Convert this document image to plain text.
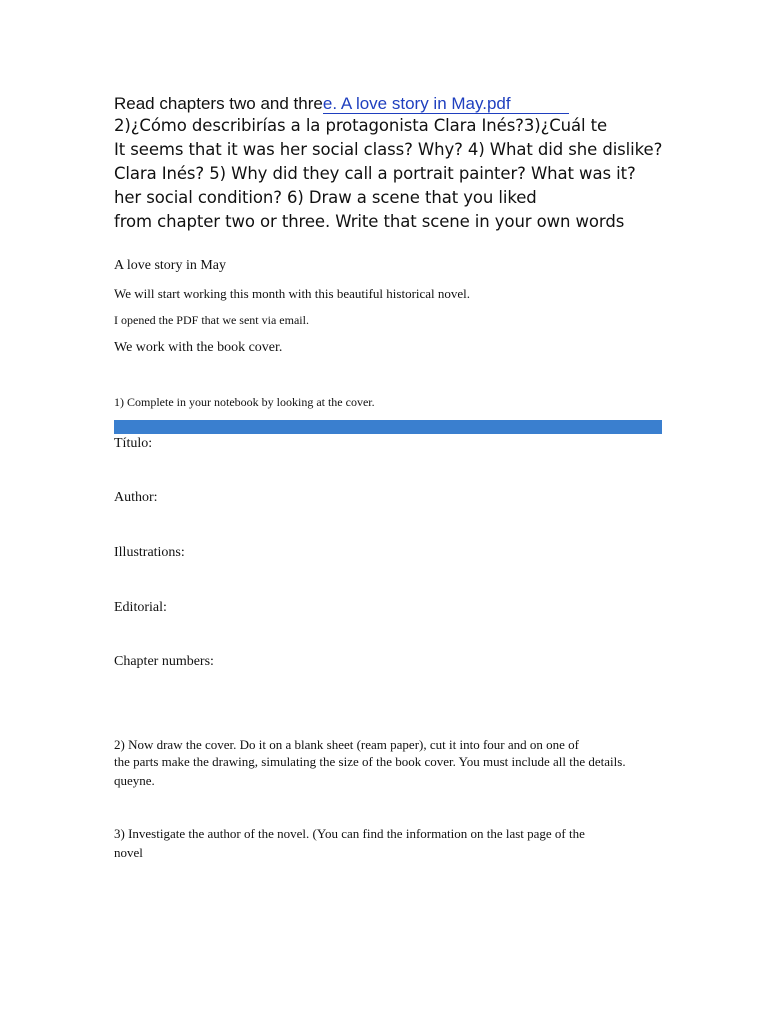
Read chapters two and three. A love story in May.pdf
2)¿Cómo describirías a la protagonista Clara Inés?3)¿Cuál te
It seems that it was her social class? Why? 4) What did she dislike?
Clara Inés? 5) Why did they call a portrait painter? What was it?
her social condition? 6) Draw a scene that you liked
from chapter two or three. Write that scene in your own words
A love story in May
We will start working this month with this beautiful historical novel.
I opened the PDF that we sent via email.
We work with the book cover.
1) Complete in your notebook by looking at the cover.
Título:
Author:
Illustrations:
Editorial:
Chapter numbers:
2) Now draw the cover. Do it on a blank sheet (ream paper), cut it into four and on one of
the parts make the drawing, simulating the size of the book cover. You must include all the details.
queyne.
3) Investigate the author of the novel. (You can find the information on the last page of the
novel
